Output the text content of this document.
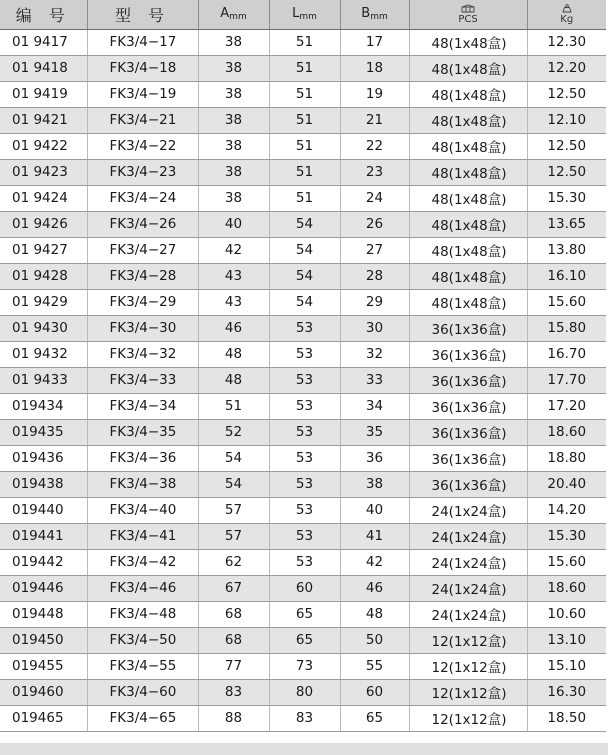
编 号	型 号	Amm	Lmm	Bmm	PCS	Kg
01 9417	FK3/4−17	38	51	17	48(1x48盒)	12.30
01 9418	FK3/4−18	38	51	18	48(1x48盒)	12.20
01 9419	FK3/4−19	38	51	19	48(1x48盒)	12.50
01 9421	FK3/4−21	38	51	21	48(1x48盒)	12.10
01 9422	FK3/4−22	38	51	22	48(1x48盒)	12.50
01 9423	FK3/4−23	38	51	23	48(1x48盒)	12.50
01 9424	FK3/4−24	38	51	24	48(1x48盒)	15.30
01 9426	FK3/4−26	40	54	26	48(1x48盒)	13.65
01 9427	FK3/4−27	42	54	27	48(1x48盒)	13.80
01 9428	FK3/4−28	43	54	28	48(1x48盒)	16.10
01 9429	FK3/4−29	43	54	29	48(1x48盒)	15.60
01 9430	FK3/4−30	46	53	30	36(1x36盒)	15.80
01 9432	FK3/4−32	48	53	32	36(1x36盒)	16.70
01 9433	FK3/4−33	48	53	33	36(1x36盒)	17.70
019434	FK3/4−34	51	53	34	36(1x36盒)	17.20
019435	FK3/4−35	52	53	35	36(1x36盒)	18.60
019436	FK3/4−36	54	53	36	36(1x36盒)	18.80
019438	FK3/4−38	54	53	38	36(1x36盒)	20.40
019440	FK3/4−40	57	53	40	24(1x24盒)	14.20
019441	FK3/4−41	57	53	41	24(1x24盒)	15.30
019442	FK3/4−42	62	53	42	24(1x24盒)	15.60
019446	FK3/4−46	67	60	46	24(1x24盒)	18.60
019448	FK3/4−48	68	65	48	24(1x24盒)	10.60
019450	FK3/4−50	68	65	50	12(1x12盒)	13.10
019455	FK3/4−55	77	73	55	12(1x12盒)	15.10
019460	FK3/4−60	83	80	60	12(1x12盒)	16.30
019465	FK3/4−65	88	83	65	12(1x12盒)	18.50
